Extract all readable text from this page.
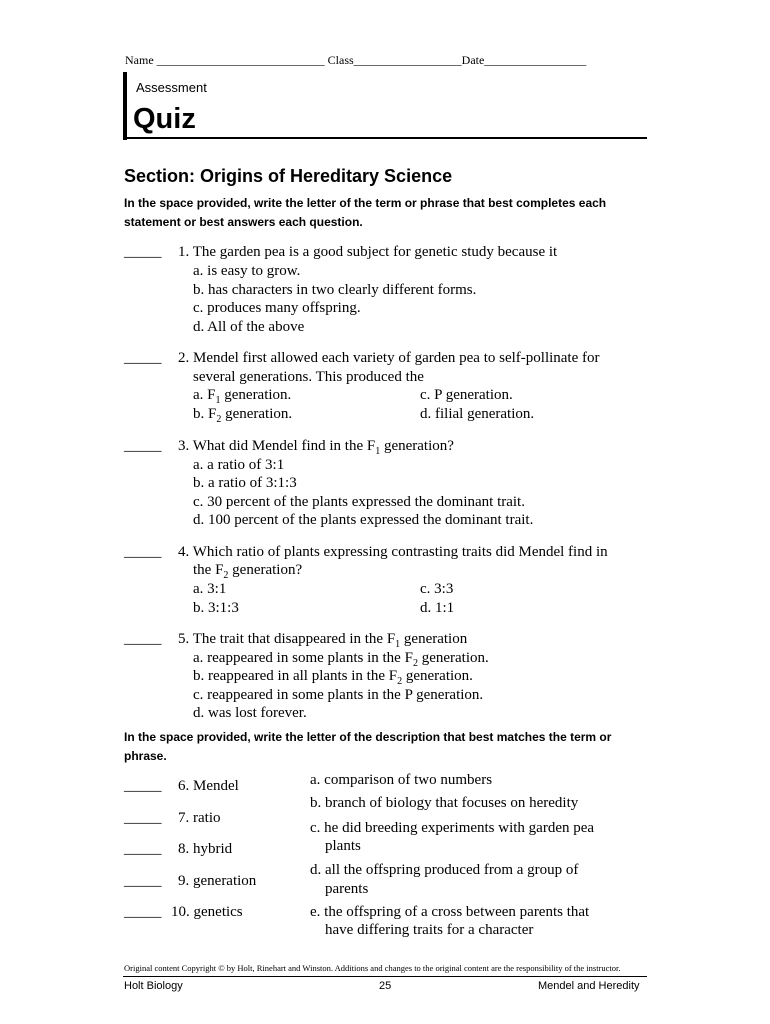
Name ____________________________ Class__________________Date_________________
Assessment
Quiz
Section: Origins of Hereditary Science
In the space provided, write the letter of the term or phrase that best completes each statement or best answers each question.
_____ 1. The garden pea is a good subject for genetic study because it
a. is easy to grow.
b. has characters in two clearly different forms.
c. produces many offspring.
d. All of the above
_____ 2. Mendel first allowed each variety of garden pea to self-pollinate for
several generations. This produced the
a. $F_1$ generation.
b. $F_2$ generation.
c. P generation.
d. filial generation.
_____ 3. What did Mendel find in the $F_1$ generation?
a. a ratio of 3:1
b. a ratio of 3:1:3
c. 30 percent of the plants expressed the dominant trait.
d. 100 percent of the plants expressed the dominant trait.
_____ 4. Which ratio of plants expressing contrasting traits did Mendel find in
the $F_2$ generation?
a. 3:1
b. 3:1:3
c. 3:3
d. 1:1
_____ 5. The trait that disappeared in the $F_1$ generation
a. reappeared in some plants in the $F_2$ generation.
b. reappeared in all plants in the $F_2$ generation.
c. reappeared in some plants in the P generation.
d. was lost forever.
In the space provided, write the letter of the description that best matches the term or phrase.
_____ 6. Mendel
_____ 7. ratio
_____ 8. hybrid
_____ 9. generation
_____ 10. genetics
a. comparison of two numbers
b. branch of biology that focuses on heredity
c. he did breeding experiments with garden pea
plants
d. all the offspring produced from a group of
parents
e. the offspring of a cross between parents that
have differing traits for a character
Original content Copyright © by Holt, Rinehart and Winston. Additions and changes to the original content are the responsibility of the instructor.
Holt Biology	25	Mendel and Heredity
